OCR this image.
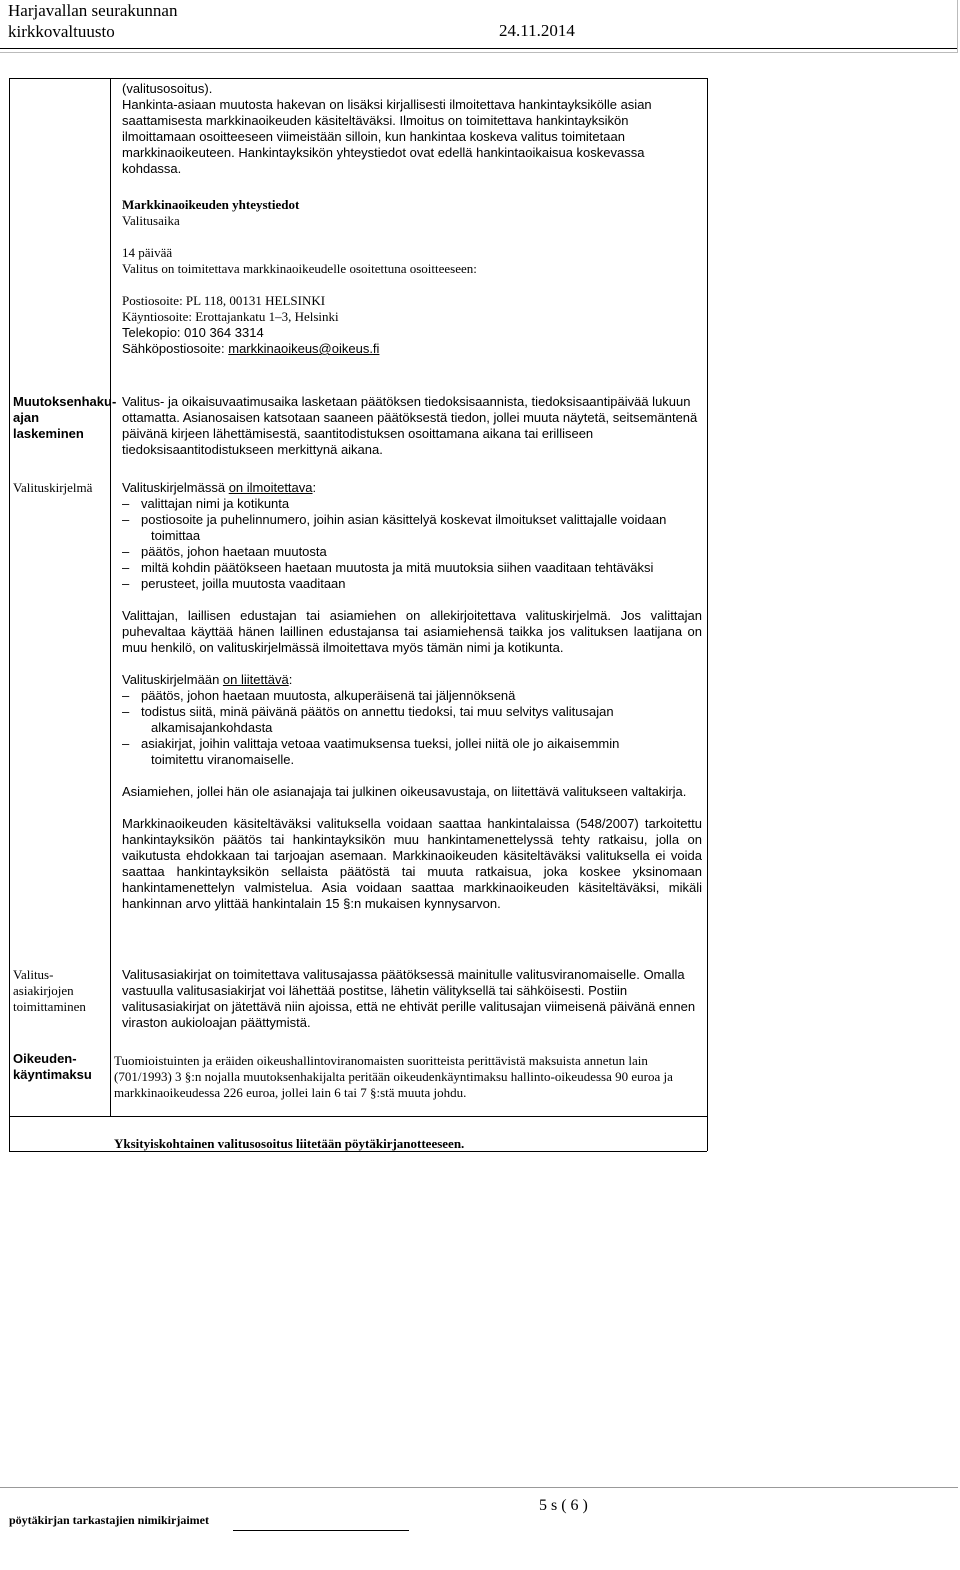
Harjavallan seurakunnan
kirkkovaltuusto	24.11.2014

(valitusosoitus).

Hankinta-asiaan muutosta hakevan on lisäksi kirjallisesti ilmoitettava hankintayksikölle asian saattamisesta markkinaoikeuden käsiteltäväksi. Ilmoitus on toimitettava hankintayksikön ilmoittamaan osoitteeseen viimeistään silloin, kun hankintaa koskeva valitus toimitetaan markkinaoikeuteen. Hankintayksikön yhteystiedot ovat edellä hankintaoikaisua koskevassa kohdassa.

Markkinaoikeuden yhteystiedot

Valitusaika

14 päivää

Valitus on toimitettava markkinaoikeudelle osoitettuna osoitteeseen:

Postiosoite: PL 118, 00131 HELSINKI

Käyntiosoite: Erottajankatu 1–3, Helsinki

Telekopio: 010 364 3314

Sähköpostiosoite: markkinaoikeus@oikeus.fi

Muutoksenhaku-ajan laskeminen
Valitus- ja oikaisuvaatimusaika lasketaan päätöksen tiedoksisaannista, tiedoksisaantipäivää lukuun ottamatta. Asianosaisen katsotaan saaneen päätöksestä tiedon, jollei muuta näytetä, seitsemäntenä päivänä kirjeen lähettämisestä, saantitodistuksen osoittamana aikana tai erilliseen tiedoksisaantitodistukseen merkittynä aikana.
Valituskirjelmä	Valituskirjelmässä on ilmoitettava:

– valittajan nimi ja kotikunta
– postiosoite ja puhelinnumero, joihin asian käsittelyä koskevat ilmoitukset valittajalle voidaan
toimittaa
– päätös, johon haetaan muutosta
– miltä kohdin päätökseen haetaan muutosta ja mitä muutoksia siihen vaaditaan tehtäväksi
– perusteet, joilla muutosta vaaditaan

Valittajan, laillisen edustajan tai asiamiehen on allekirjoitettava valituskirjelmä. Jos valittajan puhevaltaa käyttää hänen laillinen edustajansa tai asiamiehensä taikka jos valituksen laatijana on muu henkilö, on valituskirjelmässä ilmoitettava myös tämän nimi ja kotikunta.

Valituskirjelmään on liitettävä:

– päätös, johon haetaan muutosta, alkuperäisenä tai jäljennöksenä
– todistus siitä, minä päivänä päätös on annettu tiedoksi, tai muu selvitys valitusajan
alkamisajankohdasta
– asiakirjat, joihin valittaja vetoaa vaatimuksensa tueksi, jollei niitä ole jo aikaisemmin
toimitettu viranomaiselle.

Asiamiehen, jollei hän ole asianajaja tai julkinen oikeusavustaja, on liitettävä valitukseen valtakirja.

Markkinaoikeuden käsiteltäväksi valituksella voidaan saattaa hankintalaissa (548/2007) tarkoitettu hankintayksikön päätös tai hankintayksikön muu hankintamenettelyssä tehty ratkaisu, jolla on vaikutusta ehdokkaan tai tarjoajan asemaan. Markkinaoikeuden käsiteltäväksi valituksella ei voida saattaa hankintayksikön sellaista päätöstä tai muuta ratkaisua, joka koskee yksinomaan hankintamenettelyn valmistelua. Asia voidaan saattaa markkinaoikeuden käsiteltäväksi, mikäli hankinnan arvo ylittää hankintalain 15 §:n mukaisen kynnysarvon.

Valitus-
asiakirjojen
toimittaminen
Valitusasiakirjat on toimitettava valitusajassa päätöksessä mainitulle valitusviranomaiselle. Omalla vastuulla valitusasiakirjat voi lähettää postitse, lähetin välityksellä tai sähköisesti. Postiin valitusasiakirjat on jätettävä niin ajoissa, että ne ehtivät perille valitusajan viimeisenä päivänä ennen viraston aukioloajan päättymistä.
Oikeuden-
käyntimaksu
Tuomioistuinten ja eräiden oikeushallintoviranomaisten suoritteista perittävistä maksuista annetun lain (701/1993) 3 §:n nojalla muutoksenhakijalta peritään oikeudenkäyntimaksu hallinto-oikeudessa 90 euroa ja markkinaoikeudessa 226 euroa, jollei lain 6 tai 7 §:stä muuta johdu.
Yksityiskohtainen valitusosoitus liitetään pöytäkirjanotteeseen.
5 s ( 6 )
pöytäkirjan tarkastajien nimikirjaimet
